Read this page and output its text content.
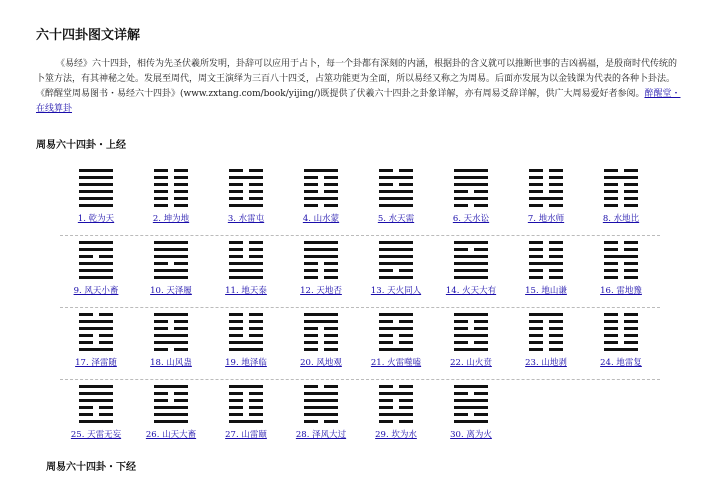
六十四卦图文详解

《易经》六十四卦，相传为先圣伏羲所发明，卦辞可以应用于占卜，每一个卦都有深刻的内涵，根据卦的含义就可以推断世事的吉凶祸福，是殷商时代传统的卜筮方法，有其神秘之处。发展至周代，周文王演绎为三百八十四爻，占筮功能更为全面，所以易经又称之为周易。后面亦发展为以金钱课为代表的各种卜卦法。　　《醉醒堂周易图书・易经六十四卦》(www.zxtang.com/book/yijing/)既提供了伏羲六十四卦之卦象详解，亦有周易爻辞详解，供广大周易爱好者参阅。醉醒堂・在线算卦

周易六十四卦・上经
1. 乾为天	2. 坤为地	3. 水雷屯	4. 山水蒙	5. 水天需	6. 天水讼	7. 地水师	8. 水地比
9. 风天小畜	10. 天泽履	11. 地天泰	12. 天地否	13. 天火同人	14. 火天大有	15. 地山谦	16. 雷地豫
17. 泽雷随	18. 山风蛊	19. 地泽临	20. 风地观	21. 火雷噬嗑	22. 山火贲	23. 山地剥	24. 地雷复
25. 天雷无妄	26. 山天大畜	27. 山雷颐	28. 泽风大过	29. 坎为水	30. 离为火
周易六十四卦・下经
